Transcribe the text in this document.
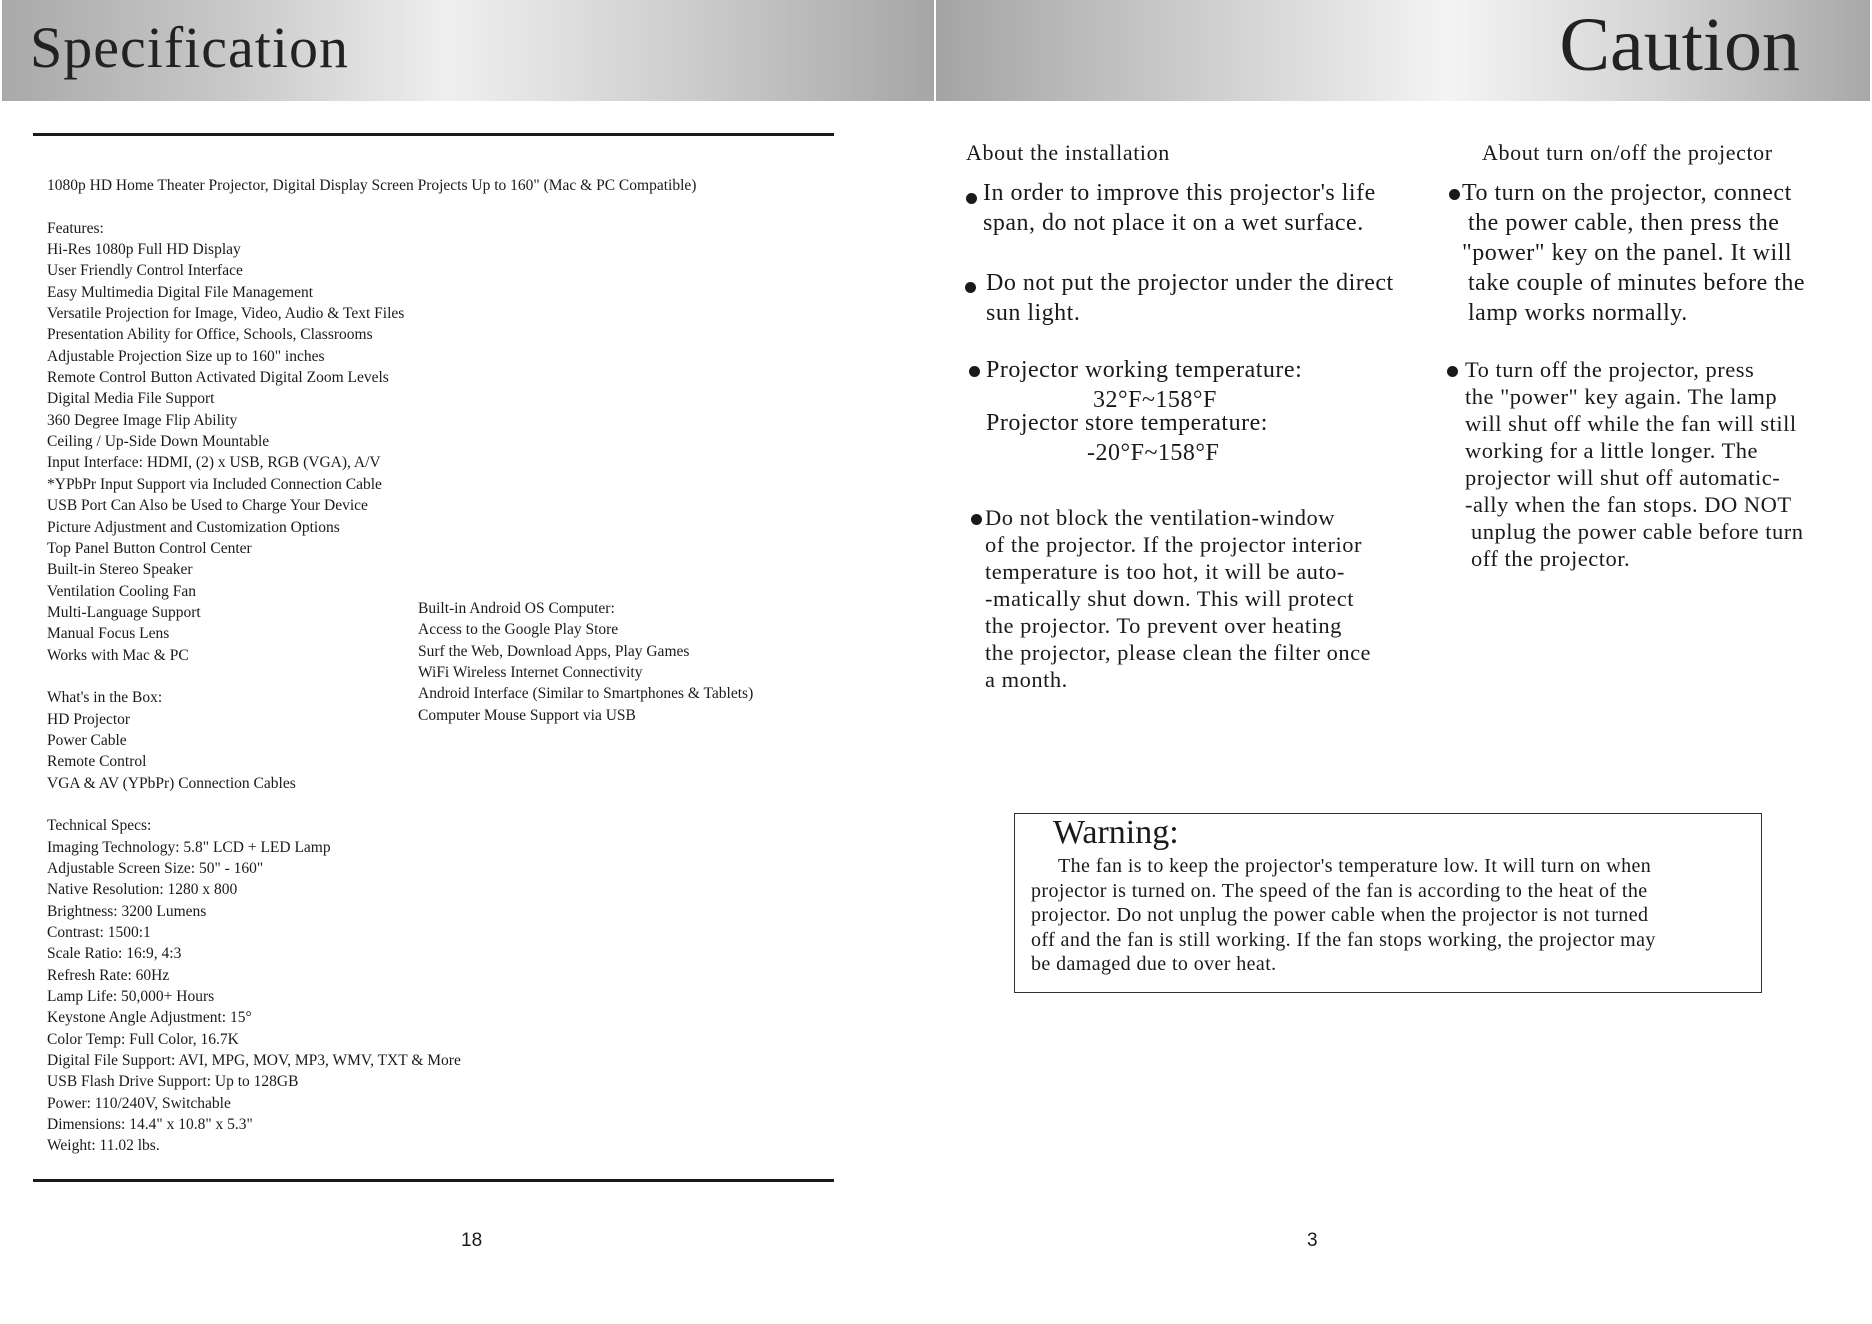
Specification
1080p HD Home Theater Projector, Digital Display Screen Projects Up to 160" (Mac & PC Compatible)
Features:
Hi-Res 1080p Full HD Display
User Friendly Control Interface
Easy Multimedia Digital File Management
Versatile Projection for Image, Video, Audio & Text Files
Presentation Ability for Office, Schools, Classrooms
Adjustable Projection Size up to 160" inches
Remote Control Button Activated Digital Zoom Levels
Digital Media File Support
360 Degree Image Flip Ability
Ceiling / Up-Side Down Mountable
Input Interface: HDMI, (2) x USB, RGB (VGA), A/V
*YPbPr Input Support via Included Connection Cable
USB Port Can Also be Used to Charge Your Device
Picture Adjustment and Customization Options
Top Panel Button Control Center
Built-in Stereo Speaker
Ventilation Cooling Fan
Multi-Language Support
Manual Focus Lens
Works with Mac & PC
What's in the Box:
HD Projector
Power Cable
Remote Control
VGA & AV (YPbPr) Connection Cables
Technical Specs:
Imaging Technology: 5.8" LCD + LED Lamp
Adjustable Screen Size: 50" - 160"
Native Resolution: 1280 x 800
Brightness: 3200 Lumens
Contrast: 1500:1
Scale Ratio: 16:9, 4:3
Refresh Rate: 60Hz
Lamp Life: 50,000+ Hours
Keystone Angle Adjustment: 15°
Color Temp: Full Color, 16.7K
Digital File Support: AVI, MPG, MOV, MP3, WMV, TXT & More
USB Flash Drive Support: Up to 128GB
Power: 110/240V, Switchable
Dimensions: 14.4" x 10.8" x 5.3"
Weight: 11.02 lbs.
Built-in Android OS Computer:
Access to the Google Play Store
Surf the Web, Download Apps, Play Games
WiFi Wireless Internet Connectivity
Android Interface (Similar to Smartphones & Tablets)
Computer Mouse Support via USB
18
Caution
About the installation	About turn on/off the projector
In order to improve this projector's life
span, do not place it on a wet surface.
Do not put the projector under the direct
sun light.
Projector working temperature:
32°F~158°F
Projector store temperature:
-20°F~158°F
Do not block the ventilation-window
of the projector. If the projector interior
temperature is too hot, it will be auto-
-matically shut down. This will protect
the projector. To prevent over heating
the projector, please clean the filter once
a month.
To turn on the projector, connect
the power cable, then press the
"power" key on the panel. It will
take couple of minutes before the
lamp works normally.
To turn off the projector, press
the "power" key again. The lamp
will shut off while the fan will still
working for a little longer. The
projector will shut off automatic-
-ally when the fan stops. DO NOT
unplug the power cable before turn
off the projector.
Warning:
The fan is to keep the projector's temperature low. It will turn on when
projector is turned on. The speed of the fan is according to the heat of the
projector. Do not unplug the power cable when the projector is not turned
off and the fan is still working. If the fan stops working, the projector may
be damaged due to over heat.
3
